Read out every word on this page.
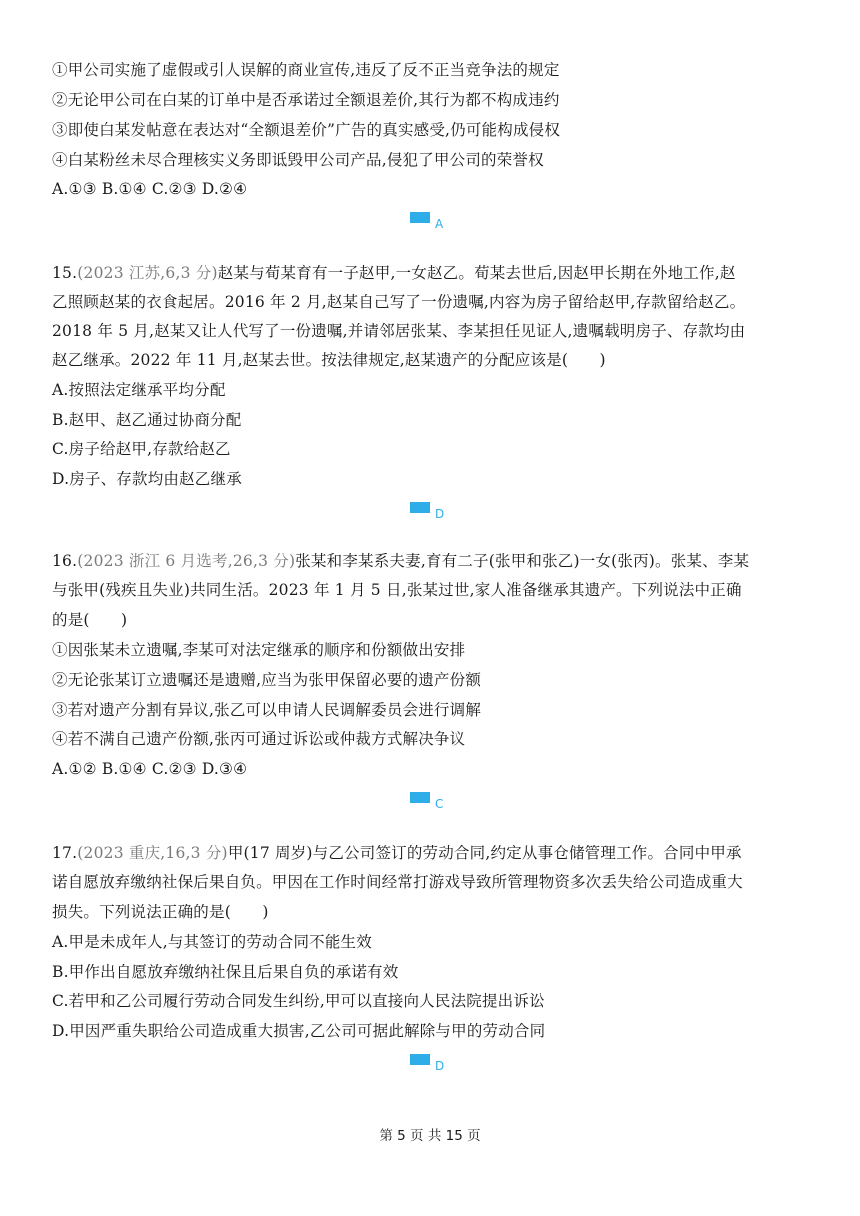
①甲公司实施了虚假或引人误解的商业宣传,违反了反不正当竞争法的规定
②无论甲公司在白某的订单中是否承诺过全额退差价,其行为都不构成违约
③即使白某发帖意在表达对“全额退差价”广告的真实感受,仍可能构成侵权
④白某粉丝未尽合理核实义务即诋毁甲公司产品,侵犯了甲公司的荣誉权
A.①③ B.①④ C.②③ D.②④
A
15.(2023 江苏,6,3 分)赵某与荀某育有一子赵甲,一女赵乙。荀某去世后,因赵甲长期在外地工作,赵
乙照顾赵某的衣食起居。2016 年 2 月,赵某自己写了一份遗嘱,内容为房子留给赵甲,存款留给赵乙。
2018 年 5 月,赵某又让人代写了一份遗嘱,并请邻居张某、李某担任见证人,遗嘱载明房子、存款均由
赵乙继承。2022 年 11 月,赵某去世。按法律规定,赵某遗产的分配应该是(　　)
A.按照法定继承平均分配
B.赵甲、赵乙通过协商分配
C.房子给赵甲,存款给赵乙
D.房子、存款均由赵乙继承
D
16.(2023 浙江 6 月选考,26,3 分)张某和李某系夫妻,育有二子(张甲和张乙)一女(张丙)。张某、李某
与张甲(残疾且失业)共同生活。2023 年 1 月 5 日,张某过世,家人准备继承其遗产。下列说法中正确
的是(　　)
①因张某未立遗嘱,李某可对法定继承的顺序和份额做出安排
②无论张某订立遗嘱还是遗赠,应当为张甲保留必要的遗产份额
③若对遗产分割有异议,张乙可以申请人民调解委员会进行调解
④若不满自己遗产份额,张丙可通过诉讼或仲裁方式解决争议
A.①② B.①④ C.②③ D.③④
C
17.(2023 重庆,16,3 分)甲(17 周岁)与乙公司签订的劳动合同,约定从事仓储管理工作。合同中甲承
诺自愿放弃缴纳社保后果自负。甲因在工作时间经常打游戏导致所管理物资多次丢失给公司造成重大
损失。下列说法正确的是(　　)
A.甲是未成年人,与其签订的劳动合同不能生效
B.甲作出自愿放弃缴纳社保且后果自负的承诺有效
C.若甲和乙公司履行劳动合同发生纠纷,甲可以直接向人民法院提出诉讼
D.甲因严重失职给公司造成重大损害,乙公司可据此解除与甲的劳动合同
D
第 5 页 共 15 页
